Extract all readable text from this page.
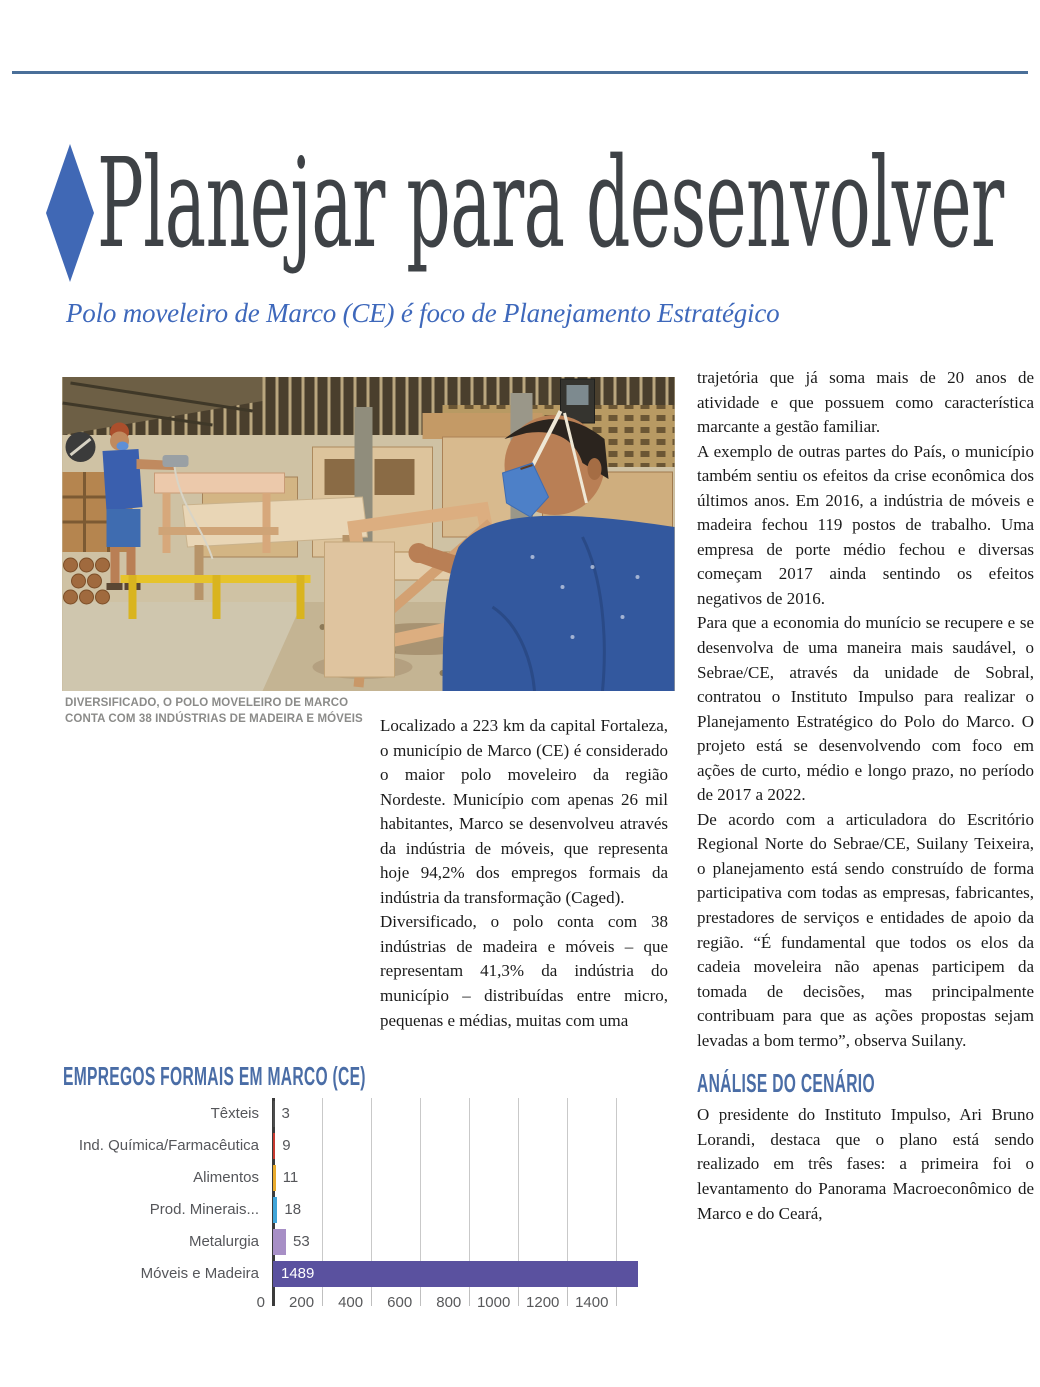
Planejar para desenvolver
Polo moveleiro de Marco (CE) é foco de Planejamento Estratégico
DIVERSIFICADO, O POLO MOVELEIRO DE MARCO
CONTA COM 38 INDÚSTRIAS DE MADEIRA E MÓVEIS Localizado a 223 km da capital Fortaleza, o município de Marco (CE) é considerado o maior polo moveleiro da região Nordeste. Município com apenas 26 mil habitantes, Marco se desenvolveu através da indústria de móveis, que representa hoje 94,2% dos empregos formais da indústria da transformação (Caged).

Diversificado, o polo conta com 38 indústrias de madeira e móveis – que representam 41,3% da indústria do município – distribuídas entre micro, pequenas e médias, muitas com uma

trajetória que já soma mais de 20 anos de atividade e que possuem como característica marcante a gestão familiar.

A exemplo de outras partes do País, o município também sentiu os efeitos da crise econômica dos últimos anos. Em 2016, a indústria de móveis e madeira fechou 119 postos de trabalho. Uma empresa de porte médio fechou e diversas começam 2017 ainda sentindo os efeitos negativos de 2016.

Para que a economia do munício se recupere e se desenvolva de uma maneira mais saudável, o Sebrae/CE, através da unidade de Sobral, contratou o Instituto Impulso para realizar o Planejamento Estratégico do Polo do Marco. O projeto está se desenvolvendo com foco em ações de curto, médio e longo prazo, no período de 2017 a 2022.

De acordo com a articuladora do Escritório Regional Norte do Sebrae/CE, Suilany Teixeira, o planejamento está sendo construído de forma participativa com todas as empresas, fabricantes, prestadores de serviços e entidades de apoio da região. “É fundamental que todos os elos da cadeia moveleira não apenas participem da tomada de decisões, mas principalmente contribuam para que as ações propostas sejam levadas a bom termo”, observa Suilany.

ANÁLISE DO CENÁRIO

O presidente do Instituto Impulso, Ari Bruno Lorandi, destaca que o plano está sendo realizado em três fases: a primeira foi o levantamento do Panorama Macroeconômico de Marco e do Ceará,

EMPREGOS FORMAIS EM MARCO (CE)
0	200	400	600	800	1000	1200	1400
Têxteis 3
Ind. Química/Farmacêutica 9
Alimentos 11
Prod. Minerais... 18
Metalurgia 53
Móveis e Madeira 1489
